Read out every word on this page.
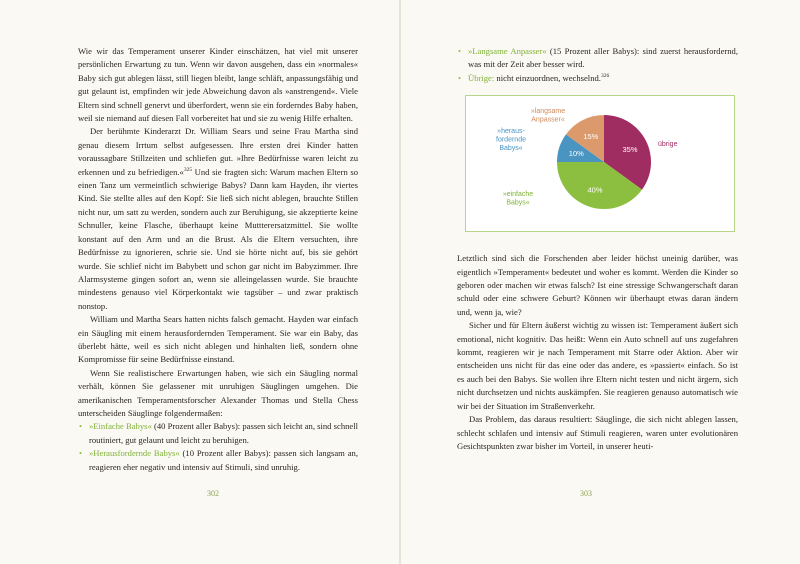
Wie wir das Temperament unserer Kinder einschätzen, hat viel mit unserer persönlichen Erwartung zu tun. Wenn wir davon ausgehen, dass ein »normales« Baby sich gut ablegen lässt, still liegen bleibt, lange schläft, anpassungsfähig und gut gelaunt ist, empfinden wir jede Abweichung davon als »anstrengend«. Viele Eltern sind schnell genervt und überfordert, wenn sie ein forderndes Baby haben, weil sie niemand auf diesen Fall vorbereitet hat und sie zu wenig Hilfe erhalten.

Der berühmte Kinderarzt Dr. William Sears und seine Frau Martha sind genau diesem Irrtum selbst aufgesessen. Ihre ersten drei Kinder hatten voraussagbare Stillzeiten und schliefen gut. »Ihre Bedürfnisse waren leicht zu erkennen und zu befriedigen.«$^{325}$ Und sie fragten sich: Warum machen Eltern so einen Tanz um vermeintlich schwierige Babys? Dann kam Hayden, ihr viertes Kind. Sie stellte alles auf den Kopf: Sie ließ sich nicht ablegen, brauchte Stillen nicht nur, um satt zu werden, sondern auch zur Beruhigung, sie akzeptierte keine Schnuller, keine Flasche, überhaupt keine Muttterersatzmittel. Sie wollte konstant auf den Arm und an die Brust. Als die Eltern versuchten, ihre Bedürfnisse zu ignorieren, schrie sie. Und sie hörte nicht auf, bis sie gehört wurde. Sie schlief nicht im Babybett und schon gar nicht im Babyzimmer. Ihre Alarmsysteme gingen sofort an, wenn sie alleingelassen wurde. Sie brauchte mindestens genauso viel Körperkontakt wie tagsüber – und zwar praktisch nonstop.

William und Martha Sears hatten nichts falsch gemacht. Hayden war einfach ein Säugling mit einem herausfordernden Temperament. Sie war ein Baby, das überlebt hätte, weil es sich nicht ablegen und hinhalten ließ, sondern ohne Kompromisse für seine Bedürfnisse einstand.

Wenn Sie realistischere Erwartungen haben, wie sich ein Säugling normal verhält, können Sie gelassener mit unruhigen Säuglingen umgehen. Die amerikanischen Temperamentsforscher Alexander Thomas und Stella Chess unterscheiden Säuglinge folgendermaßen:

• »Einfache Babys« (40 Prozent aller Babys): passen sich leicht an, sind schnell routiniert, gut gelaunt und leicht zu beruhigen.
• »Herausfordernde Babys« (10 Prozent aller Babys): passen sich langsam an, reagieren eher negativ und intensiv auf Stimuli, sind unruhig.
302
• »Langsame Anpasser« (15 Prozent aller Babys): sind zuerst herausfordernd, was mit der Zeit aber besser wird.
• Übrige: nicht einzuordnen, wechselnd.$^{326}$
35%
übrige
40%
»einfache Babys«
10%
»heraus-fordernde Babys«
15%
»langsame Anpasser«

Letztlich sind sich die Forschenden aber leider höchst uneinig darüber, was eigentlich »Temperament« bedeutet und woher es kommt. Werden die Kinder so geboren oder machen wir etwas falsch? Ist eine stressige Schwangerschaft daran schuld oder eine schwere Geburt? Können wir überhaupt etwas daran ändern und, wenn ja, wie?

Sicher und für Eltern äußerst wichtig zu wissen ist: Temperament äußert sich emotional, nicht kognitiv. Das heißt: Wenn ein Auto schnell auf uns zugefahren kommt, reagieren wir je nach Temperament mit Starre oder Aktion. Aber wir entscheiden uns nicht für das eine oder das andere, es »passiert« einfach. So ist es auch bei den Babys. Sie wollen ihre Eltern nicht testen und nicht ärgern, sich nicht durchsetzen und nichts auskämpfen. Sie reagieren genauso automatisch wie wir bei der Situation im Straßenverkehr.

Das Problem, das daraus resultiert: Säuglinge, die sich nicht ablegen lassen, schlecht schlafen und intensiv auf Stimuli reagieren, waren unter evolutionären Gesichtspunkten zwar bisher im Vorteil, in unserer heuti-

303
